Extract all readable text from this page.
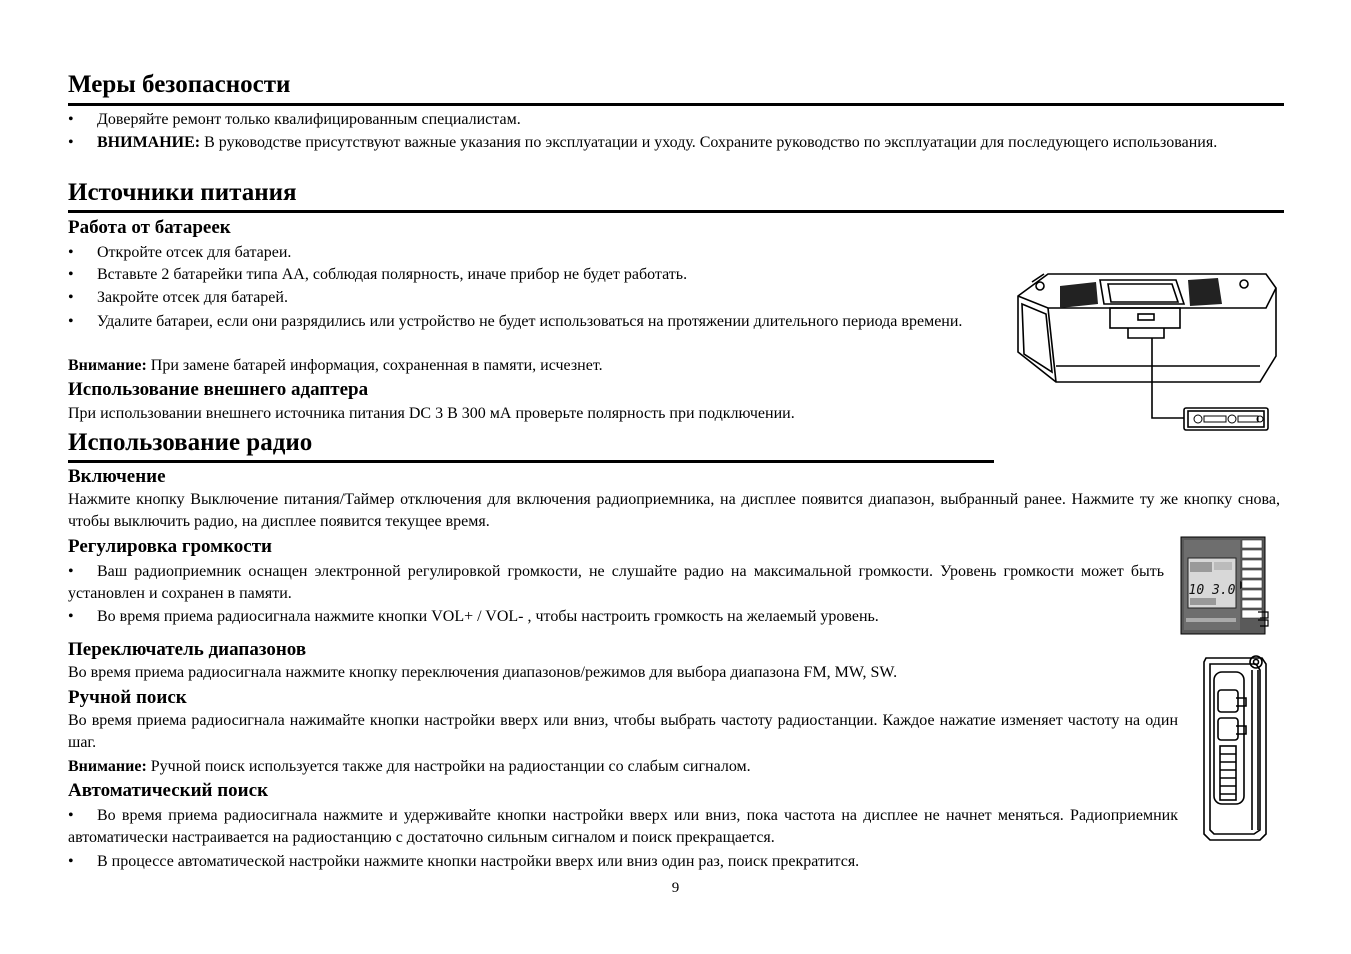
Меры безопасности
•	Доверяйте ремонт только квалифицированным специалистам.
•	ВНИМАНИЕ: В руководстве присутствуют важные указания по эксплуатации и уходу. Сохраните руководство по эксплуатации для последующего использования.
Источники питания
Работа от батареек
•	Откройте отсек для батареи.
•	Вставьте 2 батарейки типа АА, соблюдая полярность, иначе прибор не будет работать.
•	Закройте отсек для батарей.
•	Удалите батареи, если они разрядились или устройство не будет использоваться на протяжении длительного периода времени.
Внимание: При замене батарей информация, сохраненная в памяти, исчезнет.
Использование внешнего адаптера
При использовании внешнего источника питания DC 3 В 300 мА проверьте полярность при подключении.
Использование радио
Включение
Нажмите кнопку Выключение питания/Таймер отключения для включения радиоприемника, на дисплее появится диапазон, выбранный ранее. Нажмите ту же кнопку снова, чтобы выключить радио, на дисплее появится текущее время.
Регулировка громкости
•	Ваш радиоприемник оснащен электронной регулировкой громкости, не слушайте радио на максимальной громкости. Уровень громкости может быть установлен и сохранен в памяти.
•	Во время приема радиосигнала нажмите кнопки VOL+ / VOL- , чтобы настроить громкость на желаемый уровень.
Переключатель диапазонов
Во время приема радиосигнала нажмите кнопку переключения диапазонов/режимов для выбора диапазона FM, MW, SW.
Ручной поиск
Во время приема радиосигнала нажимайте кнопки настройки вверх или вниз, чтобы выбрать частоту радиостанции. Каждое нажатие изменяет частоту на один шаг.
Внимание: Ручной поиск используется также для настройки на радиостанции со слабым сигналом.
Автоматический поиск
•	Во время приема радиосигнала нажмите и удерживайте кнопки настройки вверх или вниз, пока частота на дисплее не начнет меняться. Радиоприемник автоматически настраивается на радиостанцию с достаточно сильным сигналом и поиск прекращается.
•	В процессе автоматической настройки нажмите кнопки настройки вверх или вниз один раз, поиск прекратится.
9
10 3.0
